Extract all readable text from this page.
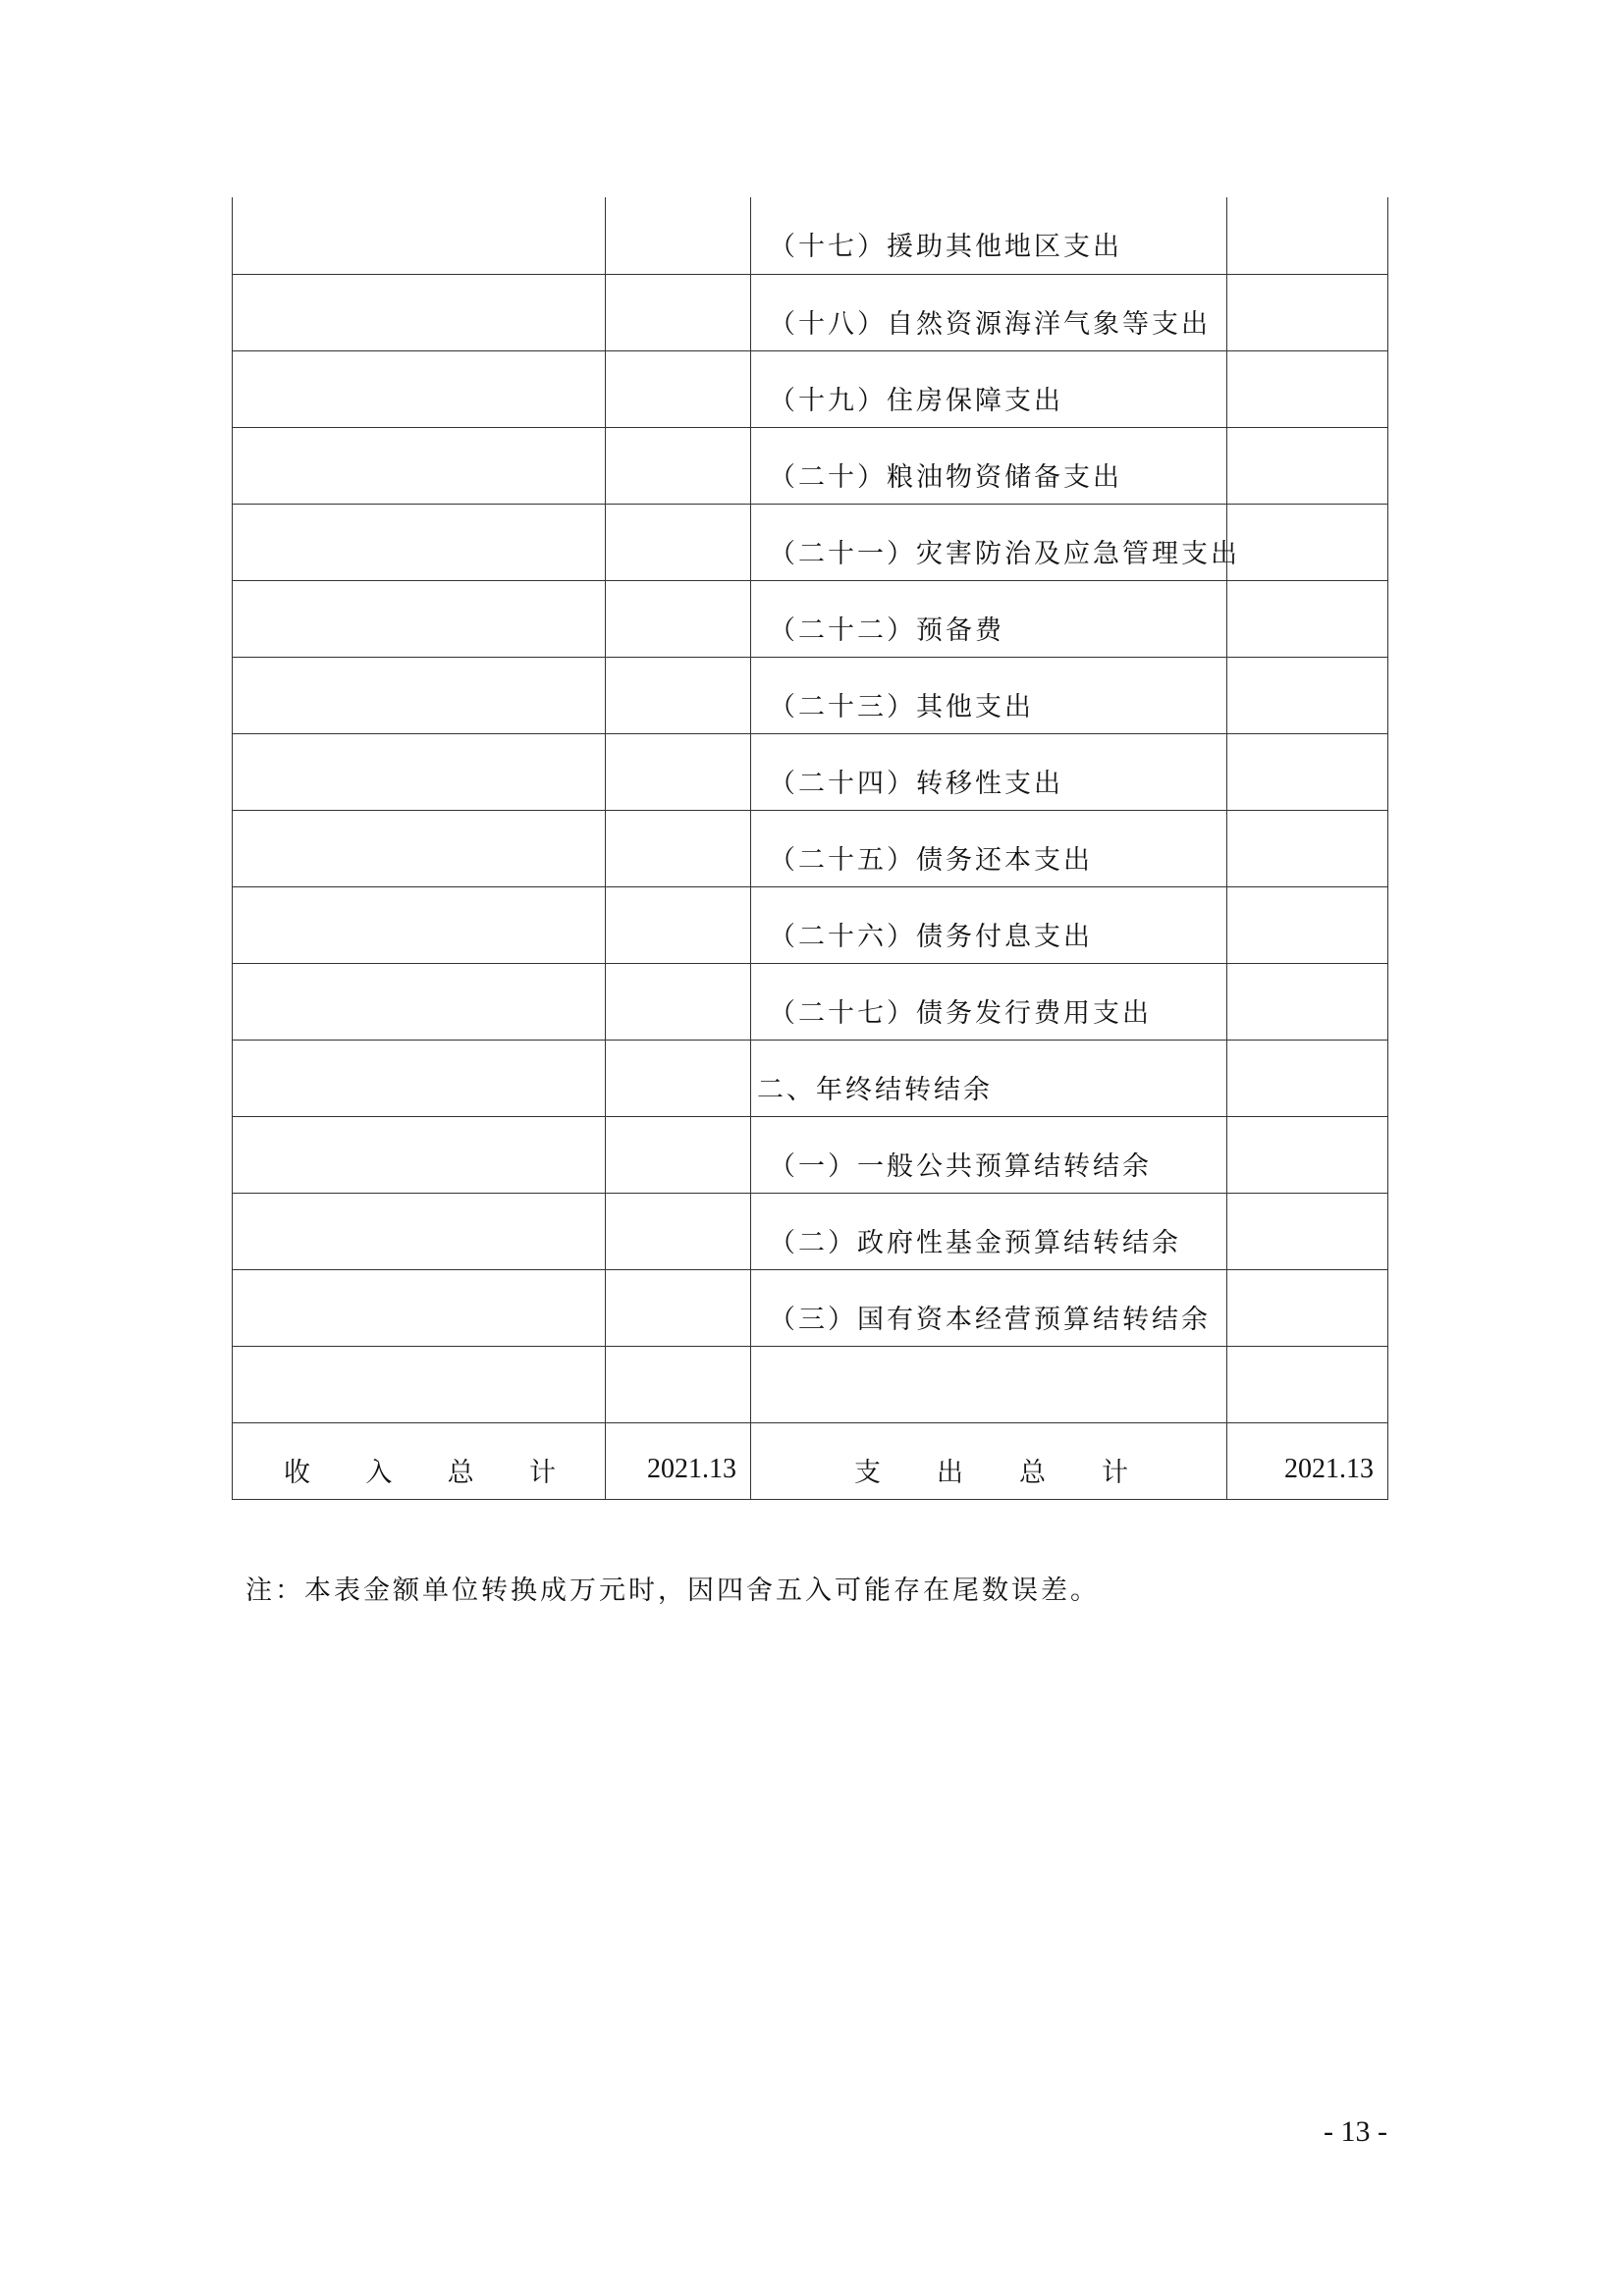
		（十七）援助其他地区支出	
		（十八）自然资源海洋气象等支出	
		（十九）住房保障支出	
		（二十）粮油物资储备支出	
		（二十一）灾害防治及应急管理支出	
		（二十二）预备费	
		（二十三）其他支出	
		（二十四）转移性支出	
		（二十五）债务还本支出	
		（二十六）债务付息支出	
		（二十七）债务发行费用支出	
		二、年终结转结余	
		（一）一般公共预算结转结余	
		（二）政府性基金预算结转结余	
		（三）国有资本经营预算结转结余	

收 入 总 计	2021.13	支 出 总 计	2021.13
注：本表金额单位转换成万元时，因四舍五入可能存在尾数误差。
- 13 -
